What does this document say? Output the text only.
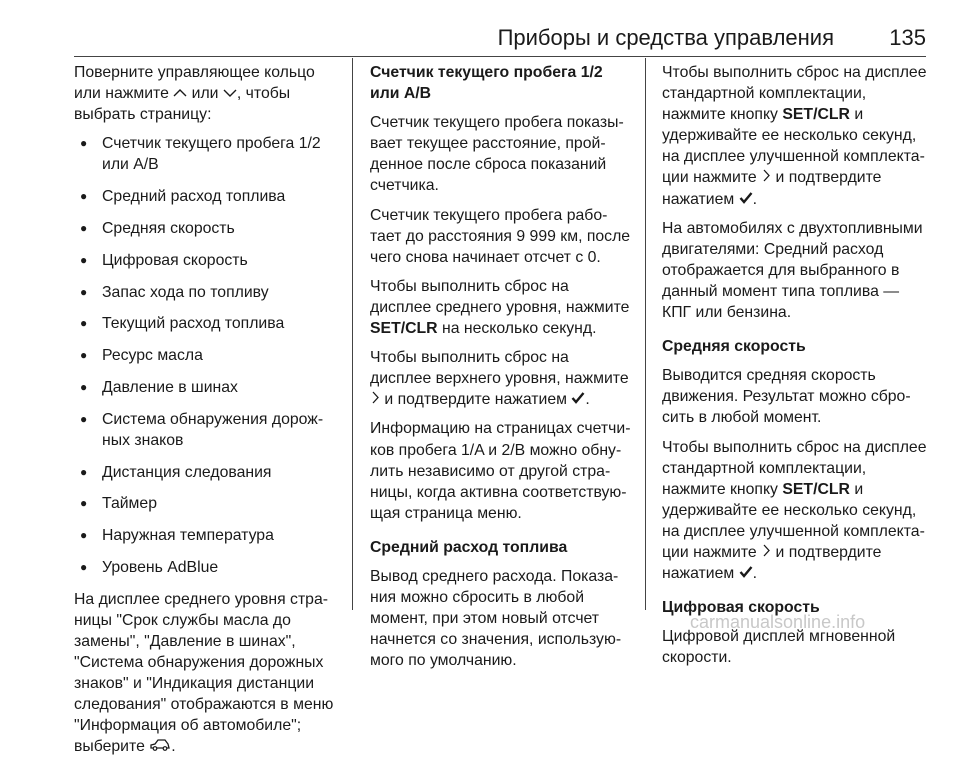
Приборы и средства управления	135

Поверните управляющее кольцо или нажмите или , чтобы выбрать страницу:

● Счетчик текущего пробега 1/2 или A/B
● Средний расход топлива
● Средняя скорость
● Цифровая скорость
● Запас хода по топливу
● Текущий расход топлива
● Ресурс масла
● Давление в шинах
● Система обнаружения дорожных знаков
● Дистанция следования
● Таймер
● Наружная температура
● Уровень AdBlue

На дисплее среднего уровня страницы "Срок службы масла до замены", "Давление в шинах", "Система обнаружения дорожных знаков" и "Индикация дистанции следования" отображаются в меню "Информация об автомобиле"; выберите .

Счетчик текущего пробега 1/2 или A/B

Счетчик текущего пробега показывает текущее расстояние, пройденное после сброса показаний счетчика.

Счетчик текущего пробега работает до расстояния 9 999 км, после чего снова начинает отсчет с 0.

Чтобы выполнить сброс на дисплее среднего уровня, нажмите SET/CLR на несколько секунд.

Чтобы выполнить сброс на дисплее верхнего уровня, нажмите  и подтвердите нажатием .

Информацию на страницах счетчиков пробега 1/A и 2/B можно обнулить независимо от другой страницы, когда активна соответствующая страница меню.

Средний расход топлива

Вывод среднего расхода. Показания можно сбросить в любой момент, при этом новый отсчет начнется со значения, используюмого по умолчанию.

Чтобы выполнить сброс на дисплее стандартной комплектации, нажмите кнопку SET/CLR и удерживайте ее несколько секунд, на дисплее улучшенной комплектации нажмите и подтвердите нажатием .

На автомобилях с двухтопливными двигателями: Средний расход отображается для выбранного в данный момент типа топлива — КПГ или бензина.

Средняя скорость

Выводится средняя скорость движения. Результат можно сбросить в любой момент.

Чтобы выполнить сброс на дисплее стандартной комплектации, нажмите кнопку SET/CLR и удерживайте ее несколько секунд, на дисплее улучшенной комплектации нажмите и подтвердите нажатием .

Цифровая скорость

Цифровой дисплей мгновенной скорости.

carmanualsonline.info
